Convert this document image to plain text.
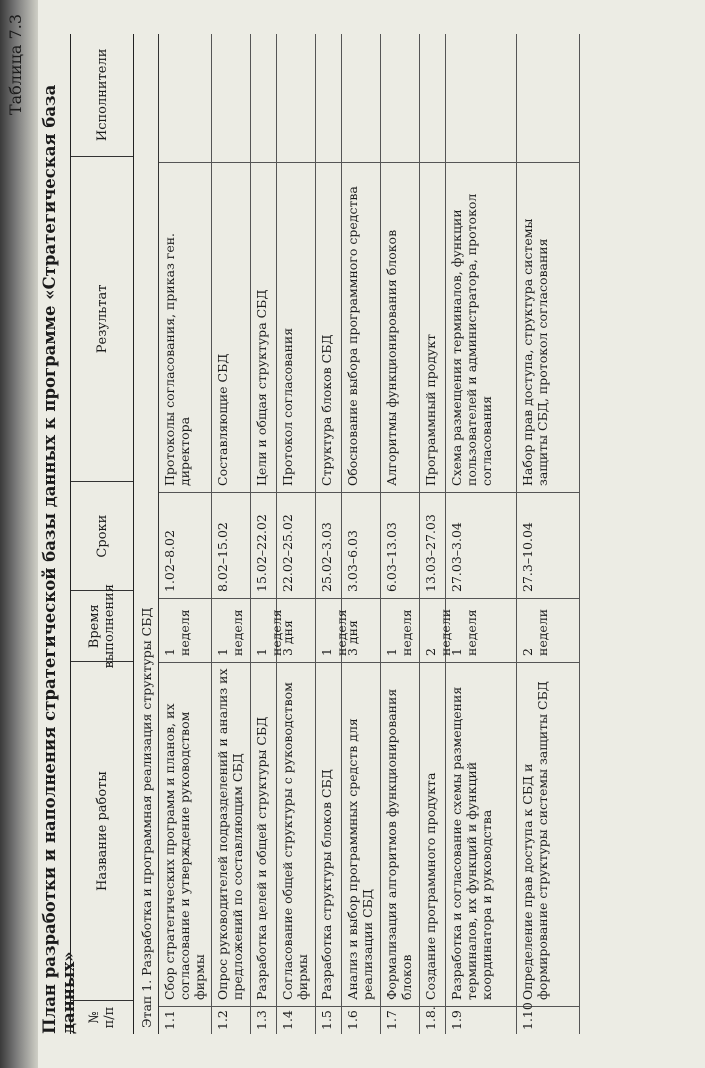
Таблица 7.3
План разработки и наполнения стратегической базы данных к программе «Стратегическая база данных» № п/п
Название работы
Время выполнения
Сроки
Результат
Исполнители
Этап 1. Разработка и программная реализация структуры СБД 1.1
Сбор стратегических программ и планов, их согласование и утверждение руководством фирмы
1 неделя
1.02–8.02
Протоколы согласования, приказ ген. директора
1.2
Опрос руководителей подразделений и анализ их предложений по составляющим СБД
1 неделя
8.02–15.02
Составляющие СБД
1.3
Разработка целей и общей структуры СБД
1 неделя
15.02–22.02
Цели и общая структура СБД
1.4
Согласование общей структуры с руководством фирмы
3 дня
22.02–25.02
Протокол согласования
1.5
Разработка структуры блоков СБД
1 неделя
25.02–3.03
Структура блоков СБД
1.6
Анализ и выбор программных средств для реализации СБД
3 дня
3.03–6.03
Обоснование выбора программного средства
1.7
Формализация алгоритмов функционирования блоков
1 неделя
6.03–13.03
Алгоритмы функционирования блоков
1.8.
Создание программного продукта
2 недели
13.03–27.03
Программный продукт
1.9
Разработка и согласование схемы размещения терминалов, их функций и функций координатора и руководства
1 неделя
27.03–3.04
Схема размещения терминалов, функции пользователей и администратора, протокол согласования
1.10
Определение прав доступа к СБД и формирование структуры системы защиты СБД
2 недели
27.3–10.04
Набор прав доступа, структура системы защиты СБД, протокол согласования
